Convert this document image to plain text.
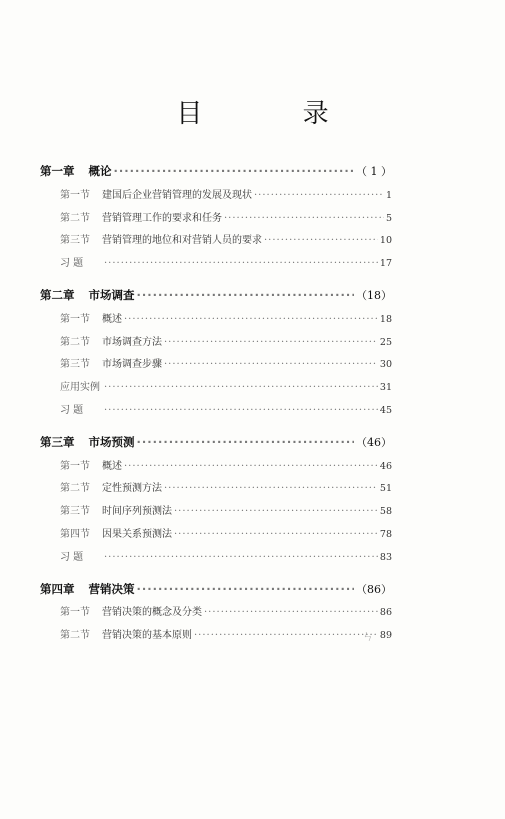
目 录
第一章 概论 ·····	（ 1 ）
第一节 建国后企业营销管理的发展及现状 ·····	1
第二节 营销管理工作的要求和任务 ·····	5
第三节 营销管理的地位和对营销人员的要求 ·····	10
习 题 ·····	17
第二章 市场调查 ·····	（18）
第一节 概述 ·····	18
第二节 市场调查方法 ·····	25
第三节 市场调查步骤 ·····	30
应用实例 ·····	31
习 题 ·····	45
第三章 市场预测 ·····	（46）
第一节 概述 ·····	46
第二节 定性预测方法 ·····	51
第三节 时间序列预测法 ·····	58
第四节 因果关系预测法 ·····	78
习 题 ·····	83
第四章 营销决策 ·····	（86）
第一节 营销决策的概念及分类 ·····	86
第二节 营销决策的基本原则 ·····	89
ㄣ
